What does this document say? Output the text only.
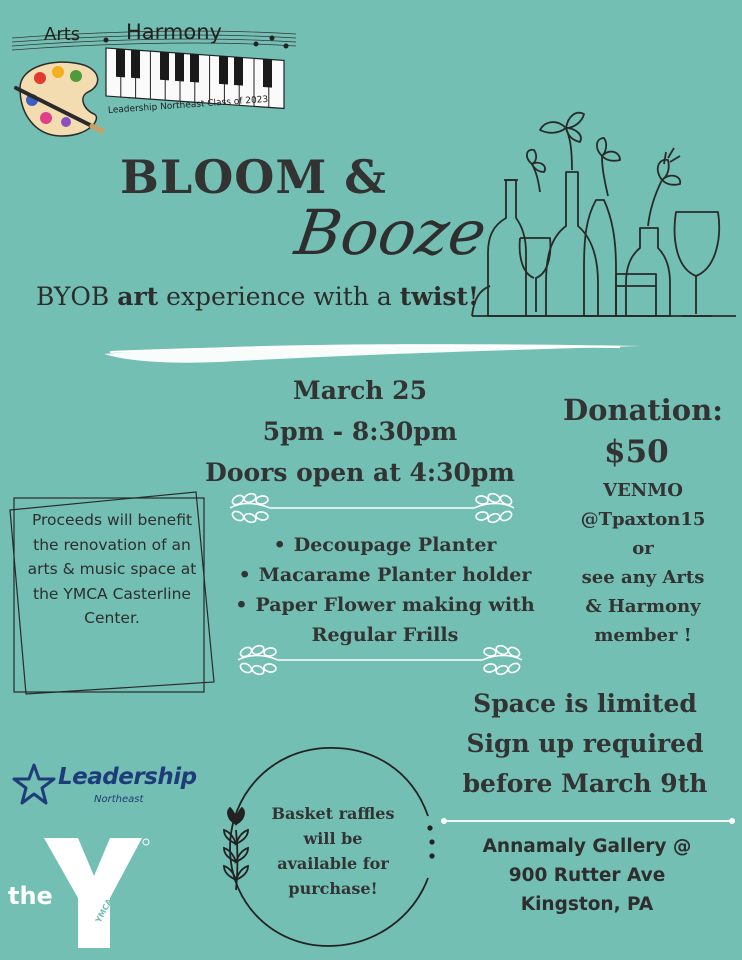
Arts Harmony
Leadership Northeast Class of 2023
BLOOM &
Booze
BYOB art experience with a twist!
March 25
5pm - 8:30pm
Doors open at 4:30pm
Donation:
$50
VENMO
@Tpaxton15
or
see any Arts
& Harmony
member !
Proceeds will benefit the renovation of an arts & music space at the YMCA Casterline Center.
• Decoupage Planter
• Macarame Planter holder
• Paper Flower making with
Regular Frills
Space is limited
Sign up required
before March 9th
Annamaly Gallery @
900 Rutter Ave
Kingston, PA
Basket raffles
will be
available for
purchase!
Leadership
Northeast
the
YMCA
